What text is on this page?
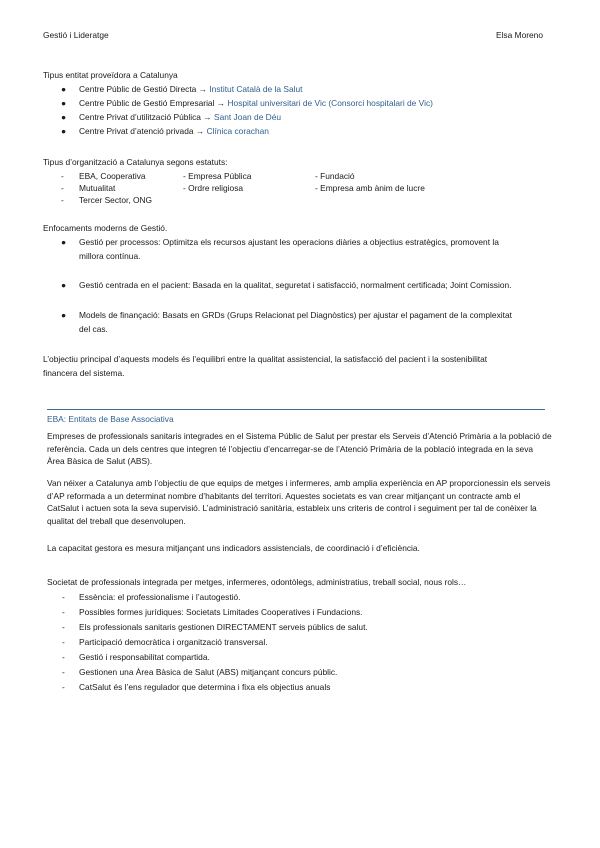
Gestió i Lideratge	Elsa Moreno
Tipus entitat proveïdora a Catalunya
● Centre Públic de Gestió Directa → Institut Català de la Salut
● Centre Públic de Gestió Empresarial → Hospital universitari de Vic (Consorci hospitalari de Vic)
● Centre Privat d’utilització Pública → Sant Joan de Déu
● Centre Privat d’atenció privada → Clínica corachan
Tipus d’organització a Catalunya segons estatuts:
- EBA, Cooperativa	- Empresa Pública	- Fundació
- Mutualitat	- Ordre religiosa	- Empresa amb ànim de lucre
- Tercer Sector, ONG
Enfocaments moderns de Gestió.
● Gestió per processos: Optimitza els recursos ajustant les operacions diàries a objectius estratègics, promovent la
millora contínua.
● Gestió centrada en el pacient: Basada en la qualitat, seguretat i satisfacció, normalment certificada; Joint Comission.
● Models de finançació: Basats en GRDs (Grups Relacionat pel Diagnòstics) per ajustar el pagament de la complexitat
del cas.
L’objectiu principal d’aquests models és l’equilibri entre la qualitat assistencial, la satisfacció del pacient i la sostenibilitat
financera del sistema.
EBA: Entitats de Base Associativa
Empreses de professionals sanitaris integrades en el Sistema Públic de Salut per prestar els Serveis d’Atenció Primària a la població de referència. Cada un dels centres que integren té l’objectiu d’encarregar-se de l’Atenció Primària de la població integrada en la seva Àrea Bàsica de Salut (ABS).
Van néixer a Catalunya amb l’objectiu de que equips de metges i infermeres, amb amplia experiència en AP proporcionessin els serveis d’AP reformada a un determinat nombre d’habitants del territori. Aquestes societats es van crear mitjançant un contracte amb el CatSalut i actuen sota la seva supervisió. L’administració sanitària, estableix uns criteris de control i seguiment per tal de conèixer la qualitat del treball que desenvolupen.
La capacitat gestora es mesura mitjançant uns indicadors assistencials, de coordinació i d’eficiència.
Societat de professionals integrada per metges, infermeres, odontòlegs, administratius, treball social, nous rols…
- Essència: el professionalisme i l’autogestió.
- Possibles formes jurídiques: Societats Limitades Cooperatives i Fundacions.
- Els professionals sanitaris gestionen DIRECTAMENT serveis públics de salut.
- Participació democràtica i organització transversal.
- Gestió i responsabilitat compartida.
- Gestionen una Àrea Bàsica de Salut (ABS) mitjançant concurs públic.
- CatSalut és l’ens regulador que determina i fixa els objectius anuals
